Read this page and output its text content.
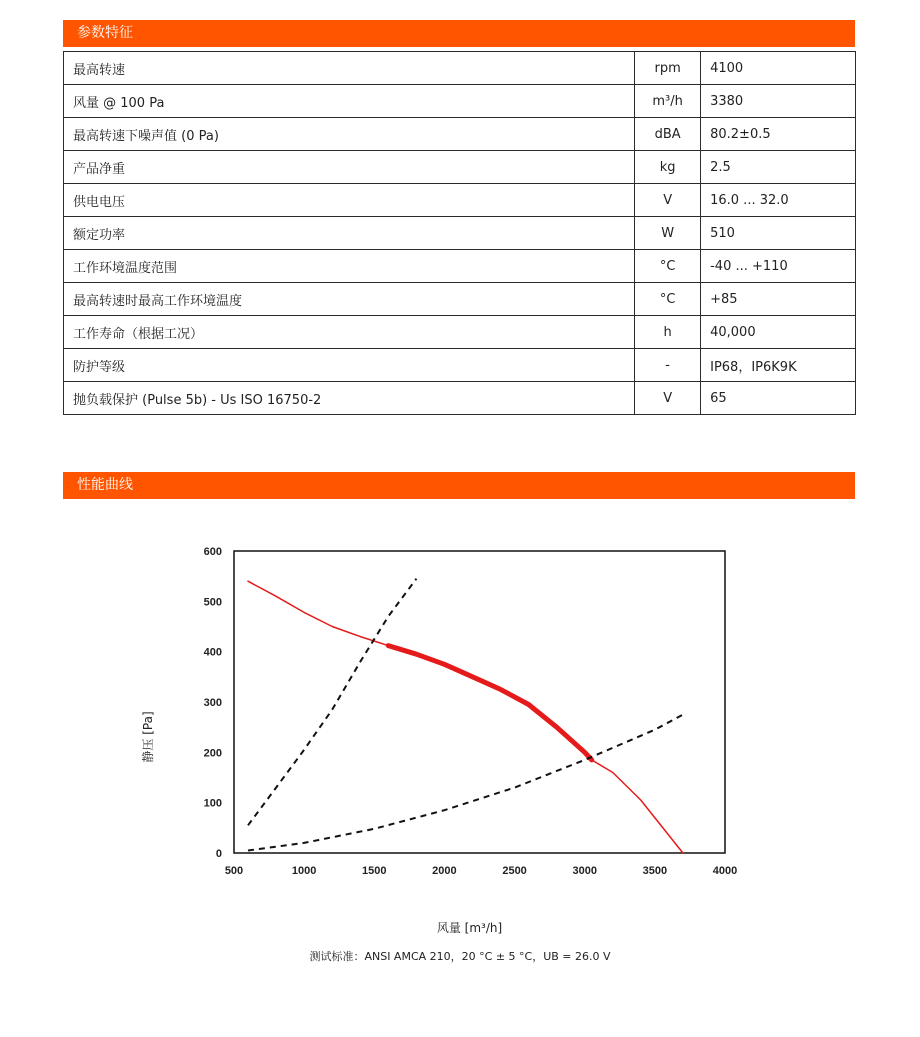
参数特征
最高转速	rpm	4100
风量 @ 100 Pa	m³/h	3380
最高转速下噪声值 (0 Pa)	dBA	80.2±0.5
产品净重	kg	2.5
供电电压	V	16.0 ... 32.0
额定功率	W	510
工作环境温度范围	°C	-40 ... +110
最高转速时最高工作环境温度	°C	+85
工作寿命（根据工况）	h	40,000
防护等级	-	IP68，IP6K9K
抛负载保护 (Pulse 5b) - Us ISO 16750-2	V	65
性能曲线
500	1000	1500	2000	2500	3000	3500	4000
0
100
200
300
400
500
600
风量 [m³/h]
静压 [Pa]
测试标准：ANSI AMCA 210，20 °C ± 5 °C，UB = 26.0 V
